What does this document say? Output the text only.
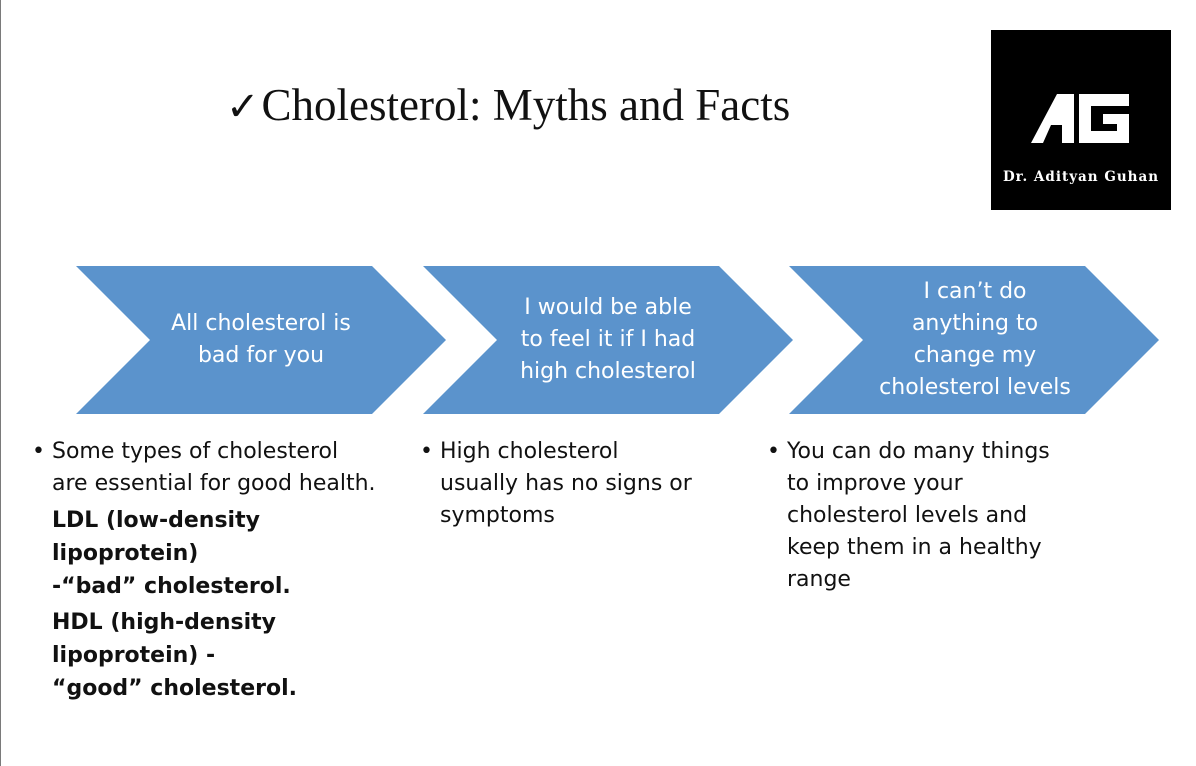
✓Cholesterol: Myths and Facts
Dr. Adityan Guhan
All cholesterol is
bad for you
I would be able
to feel it if I had
high cholesterol
I can’t do
anything to
change my
cholesterol levels
• Some types of cholesterol
are essential for good health.
LDL (low-density
lipoprotein)
-“bad” cholesterol.
HDL (high-density
lipoprotein) -
“good” cholesterol.
• High cholesterol
usually has no signs or
symptoms
• You can do many things
to improve your
cholesterol levels and
keep them in a healthy
range
